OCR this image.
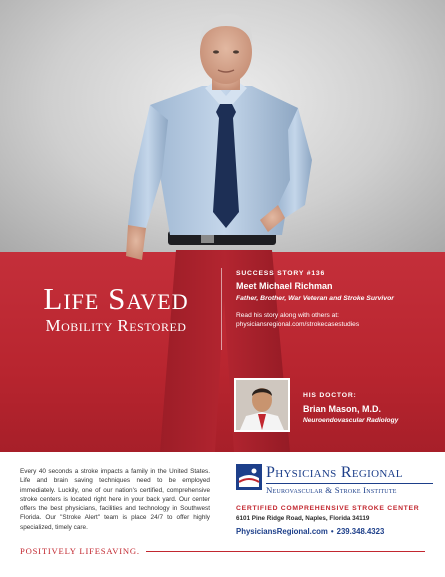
Life Saved
Mobility Restored
SUCCESS STORY #136
Meet Michael Richman
Father, Brother, War Veteran and Stroke Survivor
Read his story along with others at:
physiciansregional.com/strokecasestudies
HIS DOCTOR:
Brian Mason, M.D.
Neuroendovascular Radiology
Every 40 seconds a stroke impacts a family in the United States. Life and brain saving techniques need to be employed immediately. Luckily, one of our nation's certified, comprehensive stroke centers is located right here in your back yard. Our center offers the best physicians, facilities and technology in Southwest Florida. Our "Stroke Alert" team is place 24/7 to offer highly specialized, timely care.
Physicians Regional
Neurovascular & Stroke Institute
CERTIFIED COMPREHENSIVE STROKE CENTER
6101 Pine Ridge Road, Naples, Florida 34119
PhysiciansRegional.com • 239.348.4323
POSITIVELY LIFESAVING.
